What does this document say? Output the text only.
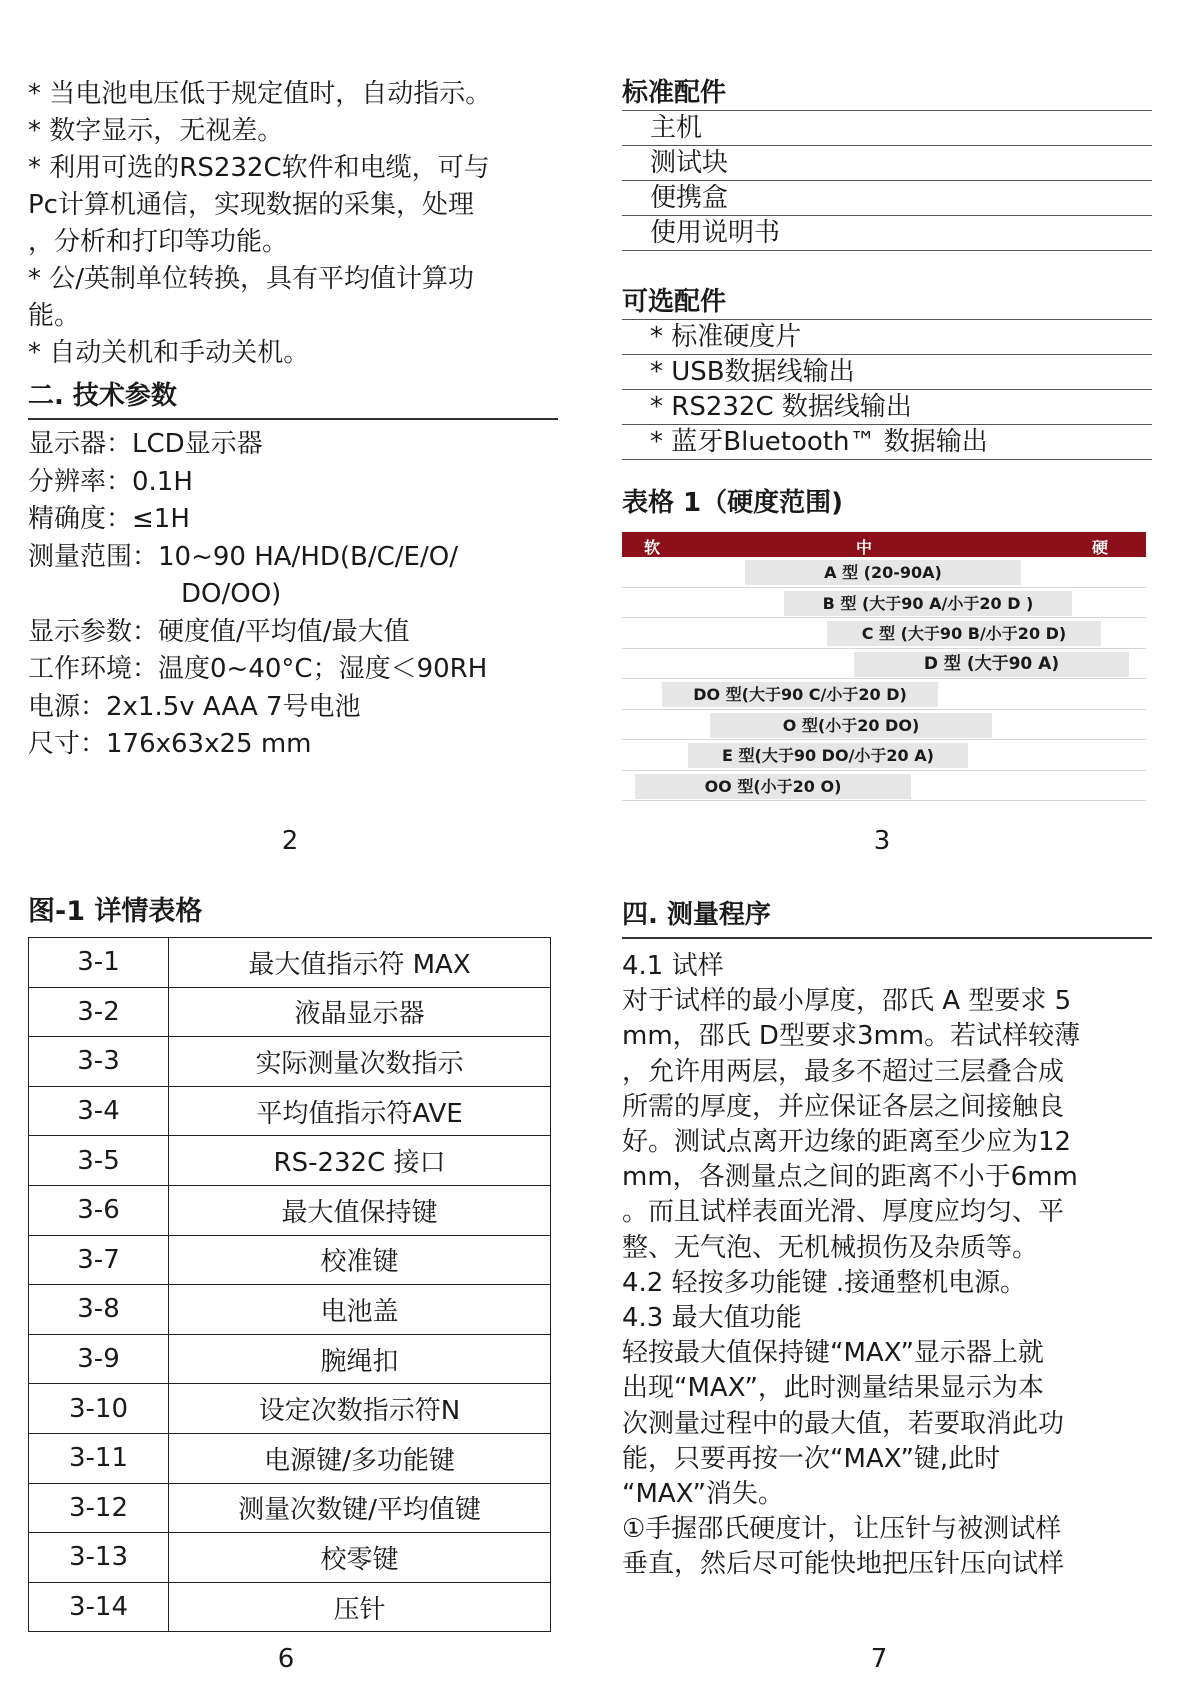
* 当电池电压低于规定值时，自动指示。
* 数字显示，无视差。
* 利用可选的RS232C软件和电缆，可与
Pc计算机通信，实现数据的采集，处理
，分析和打印等功能。
* 公/英制单位转换，具有平均值计算功
能。
* 自动关机和手动关机。
二. 技术参数
显示器：LCD显示器
分辨率：0.1H
精确度：≤1H
测量范围：10~90 HA/HD(B/C/E/O/
DO/OO)
显示参数：硬度值/平均值/最大值
工作环境：温度0~40°C；湿度＜90RH
电源：2x1.5v AAA 7号电池
尺寸：176x63x25 mm
2
标准配件
主机
测试块
便携盒
使用说明书
可选配件
* 标准硬度片
* USB数据线输出
* RS232C 数据线输出
* 蓝牙Bluetooth™ 数据输出
表格 1（硬度范围)
软	中	硬
A 型 (20-90A)
B 型 (大于90 A/小于20 D )
C 型 (大于90 B/小于20 D)
D 型 (大于90 A)
DO 型(大于90 C/小于20 D)
O 型(小于20 DO)
E 型(大于90 DO/小于20 A)
OO 型(小于20 O)
3
图-1 详情表格
3-1	最大值指示符 MAX
3-2	液晶显示器
3-3	实际测量次数指示
3-4	平均值指示符AVE
3-5	RS-232C 接口
3-6	最大值保持键
3-7	校准键
3-8	电池盖
3-9	腕绳扣
3-10	设定次数指示符N
3-11	电源键/多功能键
3-12	测量次数键/平均值键
3-13	校零键
3-14	压针
6
四. 测量程序
4.1 试样
对于试样的最小厚度，邵氏 A 型要求 5
mm，邵氏 D型要求3mm。若试样较薄
，允许用两层，最多不超过三层叠合成
所需的厚度，并应保证各层之间接触良
好。测试点离开边缘的距离至少应为12
mm，各测量点之间的距离不小于6mm
。而且试样表面光滑、厚度应均匀、平
整、无气泡、无机械损伤及杂质等。
4.2 轻按多功能键 .接通整机电源。
4.3 最大值功能
轻按最大值保持键“MAX”显示器上就
出现“MAX”，此时测量结果显示为本
次测量过程中的最大值，若要取消此功
能，只要再按一次“MAX”键,此时
“MAX”消失。
①手握邵氏硬度计，让压针与被测试样
垂直，然后尽可能快地把压针压向试样
7
